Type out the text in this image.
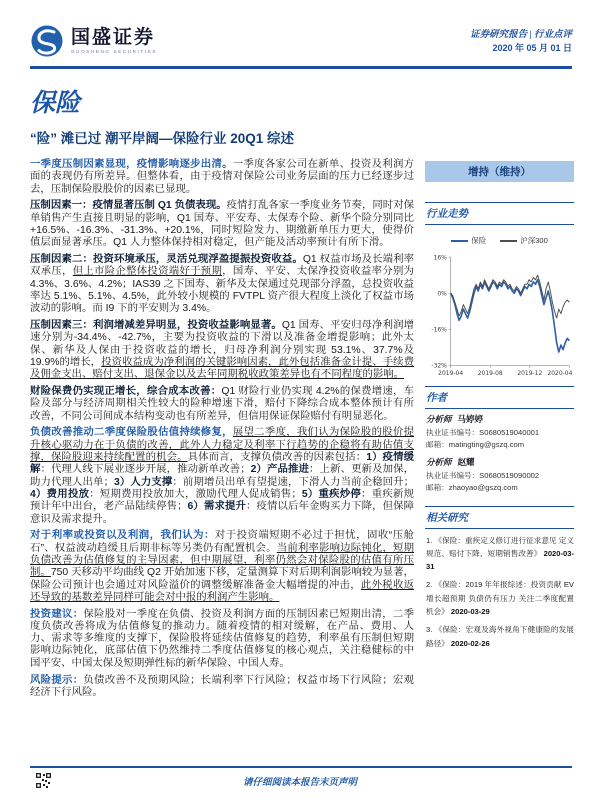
国盛证券
GUOSHENG SECURITIES
证券研究报告 | 行业点评
2020 年 05 月 01 日
保险
“险” 滩已过 潮平岸阔—保险行业 20Q1 综述

一季度压制因素显现，疫情影响逐步出清。一季度各家公司在新单、投资及利润方面的表现仍有所差异。但整体看，由于疫情对保险公司业务层面的压力已经逐步过去，压制保险股股价的因素已显现。

压制因素一：疫情显著压制 Q1 负债表现。疫情打乱各家一季度业务节奏，同时对保单销售产生直接且明显的影响，Q1 国寿、平安寿、太保寿个险、新华个险分别同比 +16.5%、-16.3%、-31.3%、+20.1%，同时短险发力、期缴新单压力更大，使得价值层面显著承压。Q1 人力整体保持相对稳定，但产能及活动率预计有所下滑。

压制因素二：投资环境承压，灵活兑现浮盈提振投资收益。Q1 权益市场及长端利率双承压，但上市险企整体投资端好于预期，国寿、平安、太保净投资收益率分别为 4.3%、3.6%、4.2%；IAS39 之下国寿、新华及太保通过兑现部分浮盈，总投资收益率达 5.1%、5.1%、4.5%，此外较小规模的 FVTPL 资产很大程度上淡化了权益市场波动的影响。而 I9 下的平安则为 3.4%。

压制因素三：利润增减差异明显，投资收益影响显著。Q1 国寿、平安归母净利润增速分别为-34.4%、-42.7%，主要为投资收益的下滑以及准备金增提影响；此外太保、新华及人保由于投资收益的增长，归母净利润分别实现 53.1%、37.7%及 19.9%的增长，投资收益成为净利润的关键影响因素，此外包括准备金计提、手续费及佣金支出、赔付支出、退保金以及去年同期税收政策差异也有不同程度的影响。

财险保费仍实现正增长，综合成本改善：Q1 财险行业仍实现 4.2%的保费增速，车险及部分与经济周期相关性较大的险种增速下滑，赔付下降综合成本整体预计有所改善，不同公司间成本结构变动也有所差异，但信用保证保险赔付有明显恶化。

负债改善推动二季度保险股估值持续修复，展望二季度，我们认为保险股的股价提升核心驱动力在于负债的改善，此外人力稳定及利率下行趋势的企稳将有助估值支撑，保险股迎来持续配置的机会。具体而言，支撑负债改善的因素包括：1）疫情缓解：代理人线下展业逐步开展，推动新单改善；2）产品推进：上新、更新及加保，助力代理人出单；3）人力支撑：前期增员出单有望提速，下滑人力当前企稳回升；4）费用投放：短期费用投放加大，激励代理人促成销售；5）重疾炒停：重疾新规预计年中出台，老产品陆续停售；6）需求提升：疫情以后年金购买力下降，但保障意识及需求提升。

对于利率或投资以及利润，我们认为：对于投资端短期不必过于担忧，固收“压舱石”、权益波动趋缓且后期非标等另类仍有配置机会。当前利率影响边际钝化，短期负债改善为估值修复的主导因素，但中期展望，利率仍然会对保险股的估值有所压制。750 天移动平均曲线 Q2 开始加速下移，定量测算下对后期利润影响较为显著，保险公司预计也会通过对风险溢价的调整缓解准备金大幅增提的冲击，此外税收返还导致的基数差异同样可能会对中报的利润产生影响。

投资建议：保险股对一季度在负债、投资及利润方面的压制因素已短期出清，二季度负债改善将成为估值修复的推动力。随着疫情的相对缓解，在产品、费用、人力、需求等多维度的支撑下，保险股将延续估值修复的趋势，利率虽有压制但短期影响边际钝化，底部估值下仍然维持二季度估值修复的核心观点，关注稳健标的中国平安、中国太保及短期弹性标的新华保险、中国人寿。

风险提示：负债改善不及预期风险；长端利率下行风险；权益市场下行风险；宏观经济下行风险。

增持（维持）
行业走势
保险	沪深300
16%
0%
-16%
-32%
2019-04 2019-08 2019-12 2020-04
作者
分析师 马婷婷
执业证书编号：S0680519040001
邮箱：matingting@gszq.com
分析师 赵耀
执业证书编号：S0680519090002
邮箱：zhaoyao@gszq.com
相关研究
1. 《保险：重疾定义修订进行征求意见 定义规范、赔付下降、短期销售改善》 2020-03-31
2. 《保险：2019 年年报综述：投资贡献 EV 增长超预期 负债仍有压力 关注二季度配置机会》 2020-03-29
3. 《保险：宏观及海外视角下健康险的发展路径》 2020-02-26
请仔细阅读本报告末页声明
